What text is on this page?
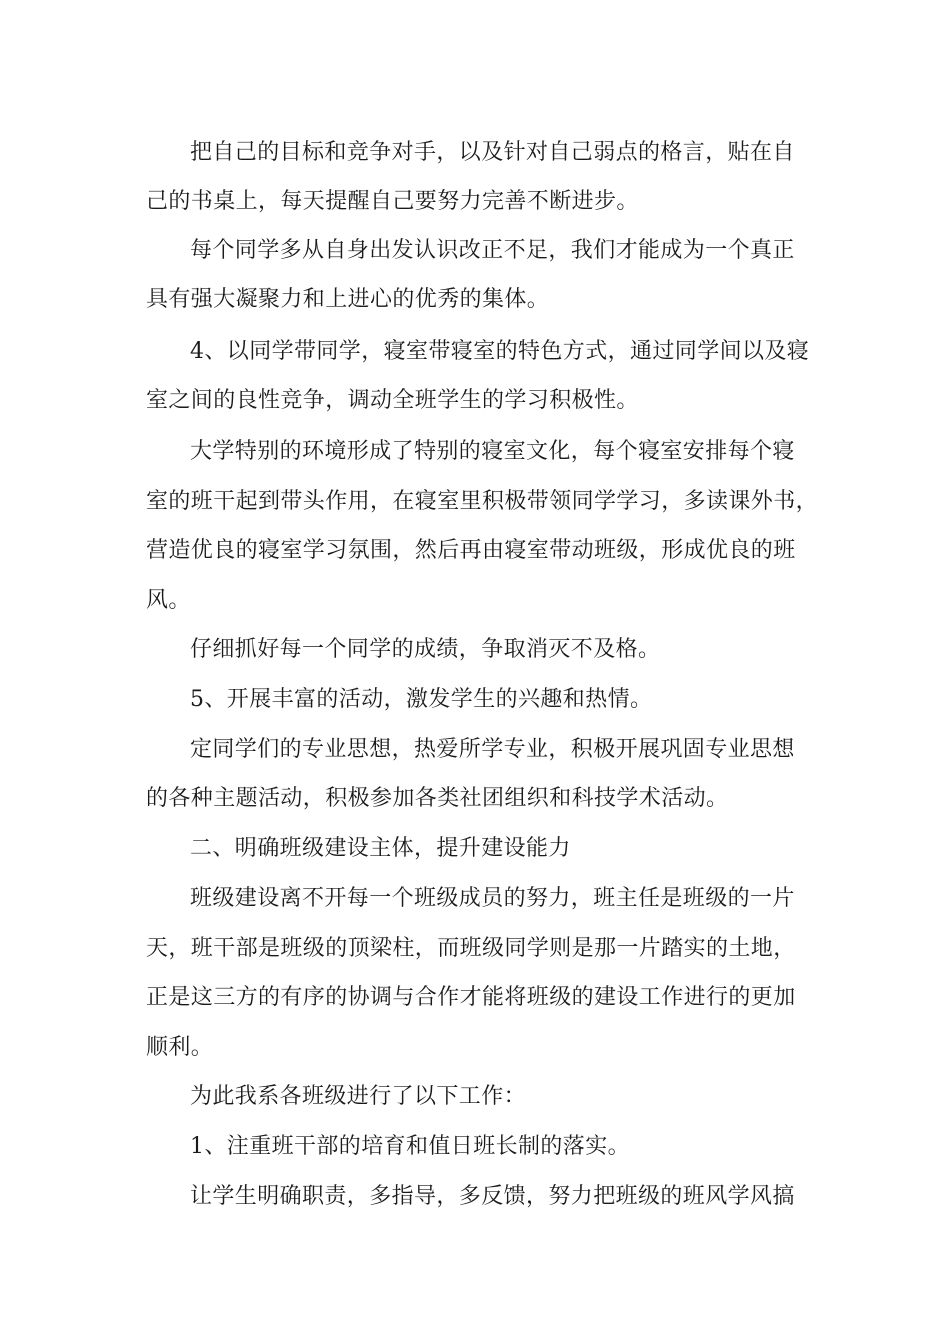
把自己的目标和竞争对手，以及针对自己弱点的格言，贴在自
己的书桌上，每天提醒自己要努力完善不断进步。
每个同学多从自身出发认识改正不足，我们才能成为一个真正
具有强大凝聚力和上进心的优秀的集体。
4、以同学带同学，寝室带寝室的特色方式，通过同学间以及寝
室之间的良性竞争，调动全班学生的学习积极性。
大学特别的环境形成了特别的寝室文化，每个寝室安排每个寝
室的班干起到带头作用，在寝室里积极带领同学学习，多读课外书，
营造优良的寝室学习氛围，然后再由寝室带动班级，形成优良的班
风。
仔细抓好每一个同学的成绩，争取消灭不及格。
5、开展丰富的活动，激发学生的兴趣和热情。
定同学们的专业思想，热爱所学专业，积极开展巩固专业思想
的各种主题活动，积极参加各类社团组织和科技学术活动。
二、明确班级建设主体，提升建设能力
班级建设离不开每一个班级成员的努力，班主任是班级的一片
天，班干部是班级的顶梁柱，而班级同学则是那一片踏实的土地，
正是这三方的有序的协调与合作才能将班级的建设工作进行的更加
顺利。
为此我系各班级进行了以下工作：
1、注重班干部的培育和值日班长制的落实。
让学生明确职责，多指导，多反馈，努力把班级的班风学风搞
